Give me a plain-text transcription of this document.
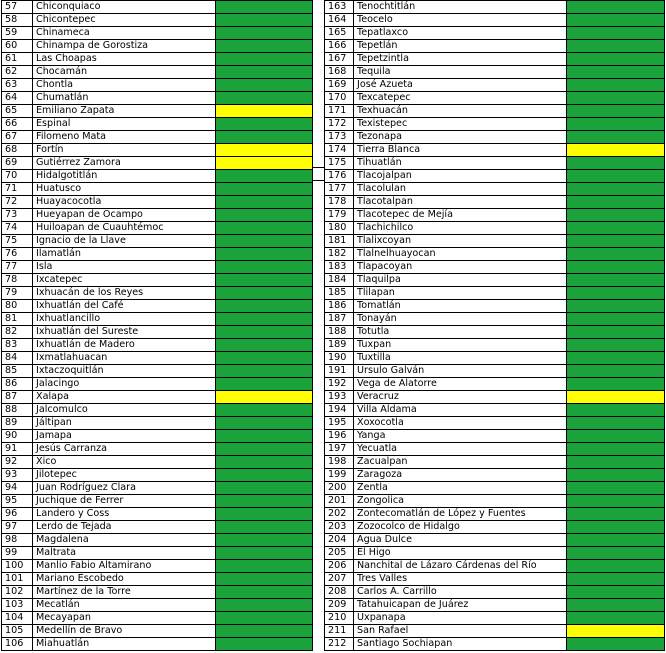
57	Chiconquiaco	
58	Chicontepec	
59	Chinameca	
60	Chinampa de Gorostiza	
61	Las Choapas	
62	Chocamán	
63	Chontla	
64	Chumatlán	
65	Emiliano Zapata	
66	Espinal	
67	Filomeno Mata	
68	Fortín	
69	Gutiérrez Zamora	
70	Hidalgotitlán	
71	Huatusco	
72	Huayacocotla	
73	Hueyapan de Ocampo	
74	Huiloapan de Cuauhtémoc	
75	Ignacio de la Llave	
76	Ilamatlán	
77	Isla	
78	Ixcatepec	
79	Ixhuacán de los Reyes	
80	Ixhuatlán del Café	
81	Ixhuatlancillo	
82	Ixhuatlán del Sureste	
83	Ixhuatlán de Madero	
84	Ixmatlahuacan	
85	Ixtaczoquitlán	
86	Jalacingo	
87	Xalapa	
88	Jalcomulco	
89	Jáltipan	
90	Jamapa	
91	Jesús Carranza	
92	Xico	
93	Jilotepec	
94	Juan Rodríguez Clara	
95	Juchique de Ferrer	
96	Landero y Coss	
97	Lerdo de Tejada	
98	Magdalena	
99	Maltrata	
100	Manlio Fabio Altamirano	
101	Mariano Escobedo	
102	Martínez de la Torre	
103	Mecatlán	
104	Mecayapan	
105	Medellín de Bravo	
106	Miahuatlán	
163	Tenochtitlán	
164	Teocelo	
165	Tepatlaxco	
166	Tepetlán	
167	Tepetzintla	
168	Tequila	
169	José Azueta	
170	Texcatepec	
171	Texhuacán	
172	Texistepec	
173	Tezonapa	
174	Tierra Blanca	
175	Tihuatlán	
176	Tlacojalpan	
177	Tlacolulan	
178	Tlacotalpan	
179	Tlacotepec de Mejía	
180	Tlachichilco	
181	Tlalixcoyan	
182	Tlalnelhuayocan	
183	Tlapacoyan	
184	Tlaquilpa	
185	Tlilapan	
186	Tomatlán	
187	Tonayán	
188	Totutla	
189	Tuxpan	
190	Tuxtilla	
191	Ursulo Galván	
192	Vega de Alatorre	
193	Veracruz	
194	Villa Aldama	
195	Xoxocotla	
196	Yanga	
197	Yecuatla	
198	Zacualpan	
199	Zaragoza	
200	Zentla	
201	Zongolica	
202	Zontecomatlán de López y Fuentes	
203	Zozocolco de Hidalgo	
204	Agua Dulce	
205	El Higo	
206	Nanchital de Lázaro Cárdenas del Río	
207	Tres Valles	
208	Carlos A. Carrillo	
209	Tatahuicapan de Juárez	
210	Uxpanapa	
211	San Rafael	
212	Santiago Sochiapan	
